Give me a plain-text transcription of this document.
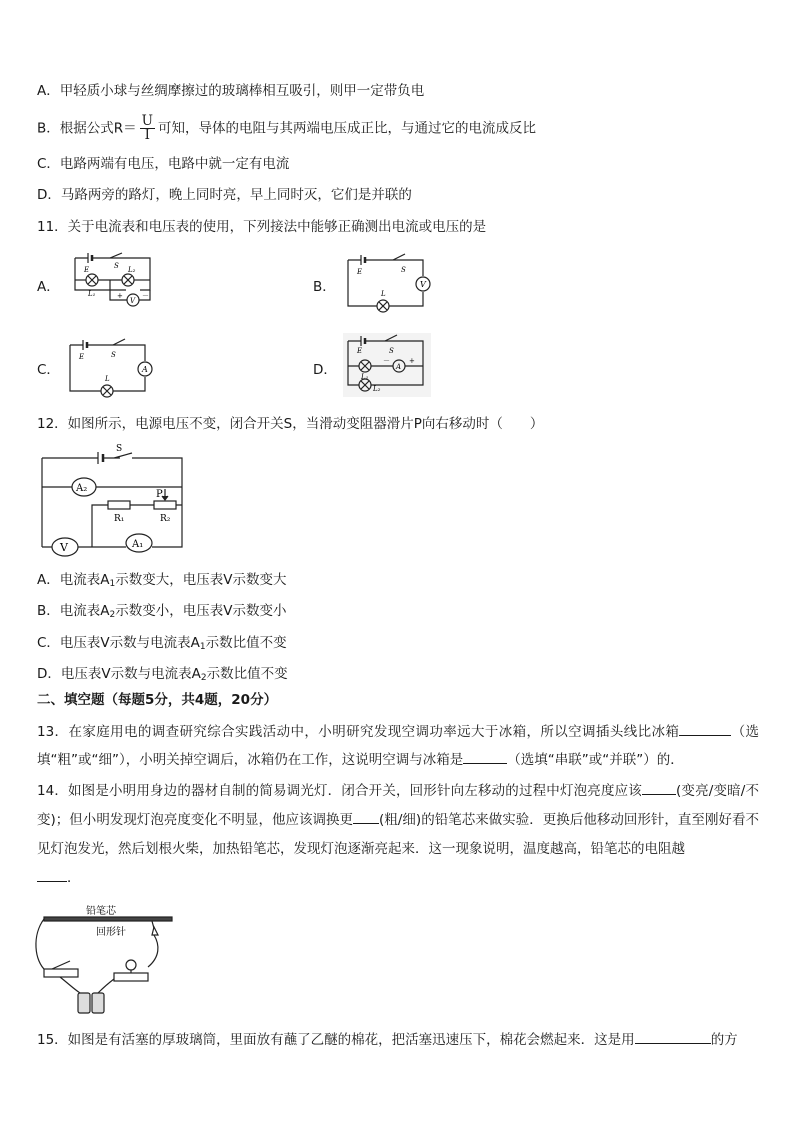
A．甲轻质小球与丝绸摩擦过的玻璃棒相互吸引，则甲一定带负电
B．根据公式$R= \frac{U}{I}$ 可知，导体的电阻与其两端电压成正比，与通过它的电流成反比
C．电路两端有电压，电路中就一定有电流
D．马路两旁的路灯，晚上同时亮，早上同时灭，它们是并联的
11．关于电流表和电压表的使用，下列接法中能够正确测出电流或电压的是
A．
E	S L₂
L₁
V
+	－
B．
E	S
V
L
C．
E	S
A
L
D．
E	S
A
－	+
L₁
L₂
12．如图所示，电源电压不变，闭合开关S，当滑动变阻器滑片P向右移动时（　　）
S
A₂
P
R₁	R₂
A₁
V
A．电流表$A_1$示数变大，电压表V示数变大
B．电流表$A_2$示数变小，电压表V示数变小
C．电压表V示数与电流表$A_1$示数比值不变
D．电压表V示数与电流表$A_2$示数比值不变
二、填空题（每题5分，共4题，20分）
13．在家庭用电的调查研究综合实践活动中，小明研究发现空调功率远大于冰箱，所以空调插头线比冰箱	（选填“粗”或“细”），小明关掉空调后，冰箱仍在工作，这说明空调与冰箱是	（选填“串联”或“并联”）的．
14．如图是小明用身边的器材自制的简易调光灯．闭合开关，回形针向左移动的过程中灯泡亮度应该	(变亮/变暗/不变)；但小明发现灯泡亮度变化不明显，他应该调换更 (粗/细)的铅笔芯来做实验．更换后他移动回形针，直至刚好看不见灯泡发光，然后划根火柴，加热铅笔芯，发现灯泡逐渐亮起来．这一现象说明，温度越高，铅笔芯的电阻越
．
铅笔芯
回形针
15．如图是有活塞的厚玻璃筒，里面放有蘸了乙醚的棉花，把活塞迅速压下，棉花会燃起来．这是用	的方
